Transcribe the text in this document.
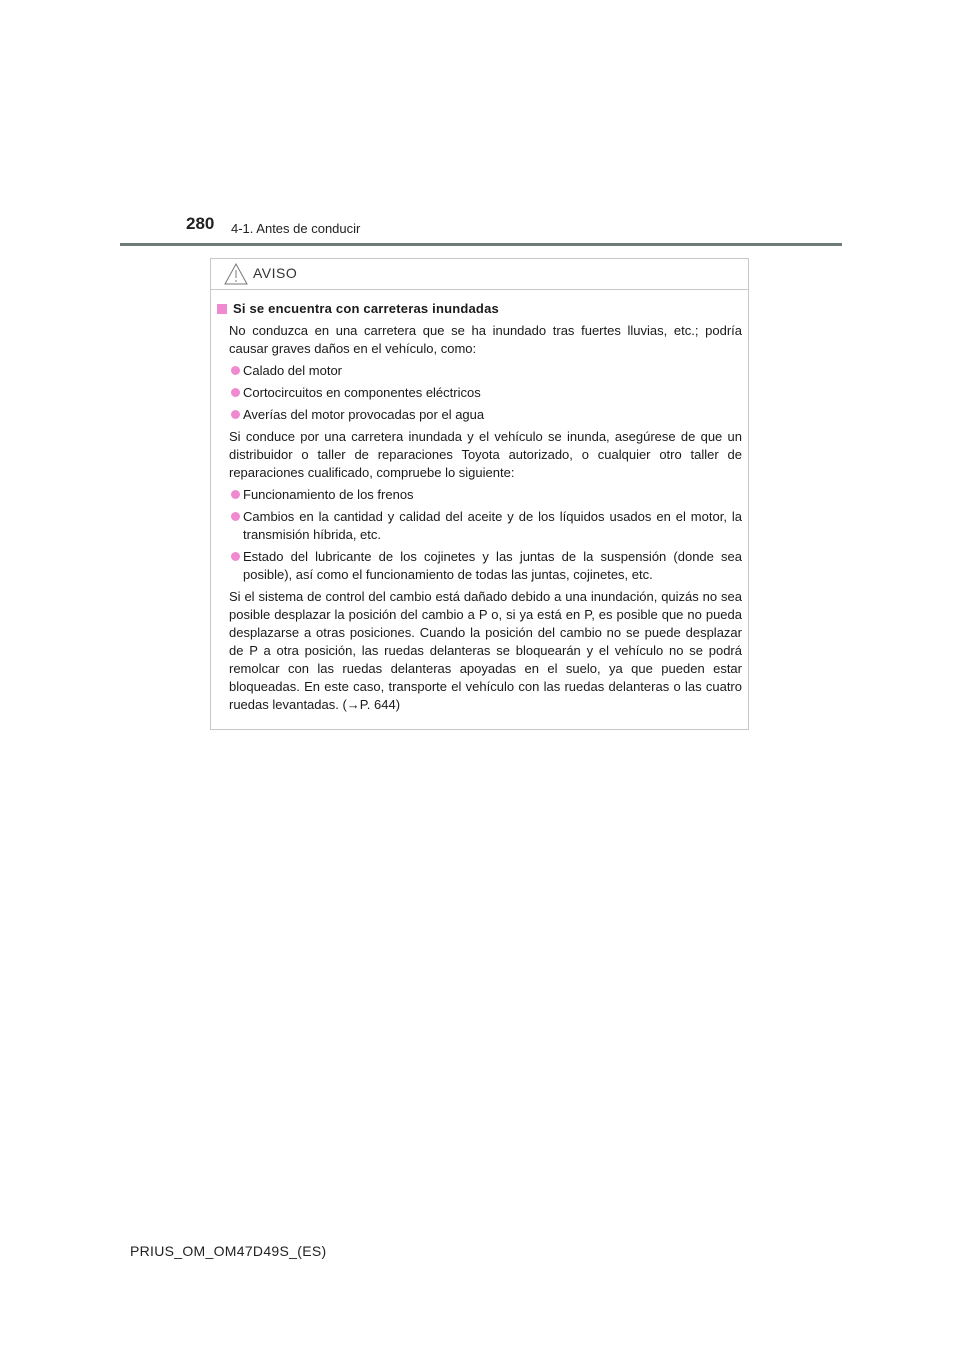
280 4-1. Antes de conducir
AVISO
Si se encuentra con carreteras inundadas

No conduzca en una carretera que se ha inundado tras fuertes lluvias, etc.; podría causar graves daños en el vehículo, como:

Calado del motor
Cortocircuitos en componentes eléctricos
Averías del motor provocadas por el agua

Si conduce por una carretera inundada y el vehículo se inunda, asegúrese de que un distribuidor o taller de reparaciones Toyota autorizado, o cualquier otro taller de reparaciones cualificado, compruebe lo siguiente:

Funcionamiento de los frenos
Cambios en la cantidad y calidad del aceite y de los líquidos usados en el motor, la transmisión híbrida, etc.
Estado del lubricante de los cojinetes y las juntas de la suspensión (donde sea posible), así como el funcionamiento de todas las juntas, cojinetes, etc.

Si el sistema de control del cambio está dañado debido a una inundación, quizás no sea posible desplazar la posición del cambio a P o, si ya está en P, es posible que no pueda desplazarse a otras posiciones. Cuando la posición del cambio no se puede desplazar de P a otra posición, las ruedas delanteras se bloquearán y el vehículo no se podrá remolcar con las ruedas delanteras apoyadas en el suelo, ya que pueden estar bloqueadas. En este caso, transporte el vehículo con las ruedas delanteras o las cuatro ruedas levantadas. (→P. 644)

PRIUS_OM_OM47D49S_(ES)
